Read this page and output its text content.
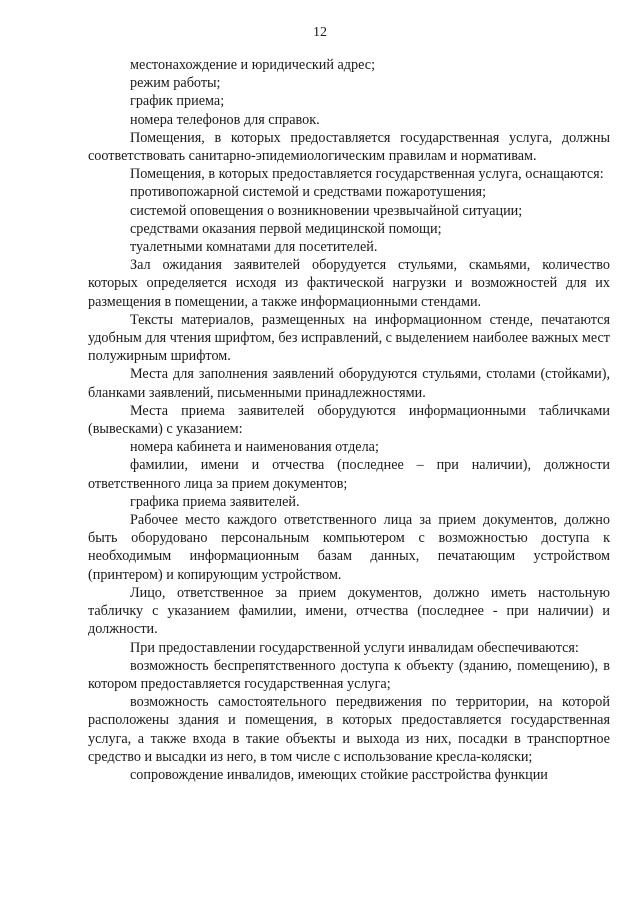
12
местонахождение и юридический адрес;
режим работы;
график приема;
номера телефонов для справок.
Помещения, в которых предоставляется государственная услуга, должны соответствовать санитарно-эпидемиологическим правилам и нормативам.
Помещения, в которых предоставляется государственная услуга, оснащаются:
противопожарной системой и средствами пожаротушения;
системой оповещения о возникновении чрезвычайной ситуации;
средствами оказания первой медицинской помощи;
туалетными комнатами для посетителей.
Зал ожидания заявителей оборудуется стульями, скамьями, количество которых определяется исходя из фактической нагрузки и возможностей для их размещения в помещении, а также информационными стендами.
Тексты материалов, размещенных на информационном стенде, печатаются удобным для чтения шрифтом, без исправлений, с выделением наиболее важных мест полужирным шрифтом.
Места для заполнения заявлений оборудуются стульями, столами (стойками), бланками заявлений, письменными принадлежностями.
Места приема заявителей оборудуются информационными табличками (вывесками) с указанием:
номера кабинета и наименования отдела;
фамилии, имени и отчества (последнее – при наличии), должности ответственного лица за прием документов;
графика приема заявителей.
Рабочее место каждого ответственного лица за прием документов, должно быть оборудовано персональным компьютером с возможностью доступа к необходимым информационным базам данных, печатающим устройством (принтером) и копирующим устройством.
Лицо, ответственное за прием документов, должно иметь настольную табличку с указанием фамилии, имени, отчества (последнее - при наличии) и должности.
При предоставлении государственной услуги инвалидам обеспечиваются:
возможность беспрепятственного доступа к объекту (зданию, помещению), в котором предоставляется государственная услуга;
возможность самостоятельного передвижения по территории, на которой расположены здания и помещения, в которых предоставляется государственная услуга, а также входа в такие объекты и выхода из них, посадки в транспортное средство и высадки из него, в том числе с использование кресла-коляски;
сопровождение инвалидов, имеющих стойкие расстройства функции
